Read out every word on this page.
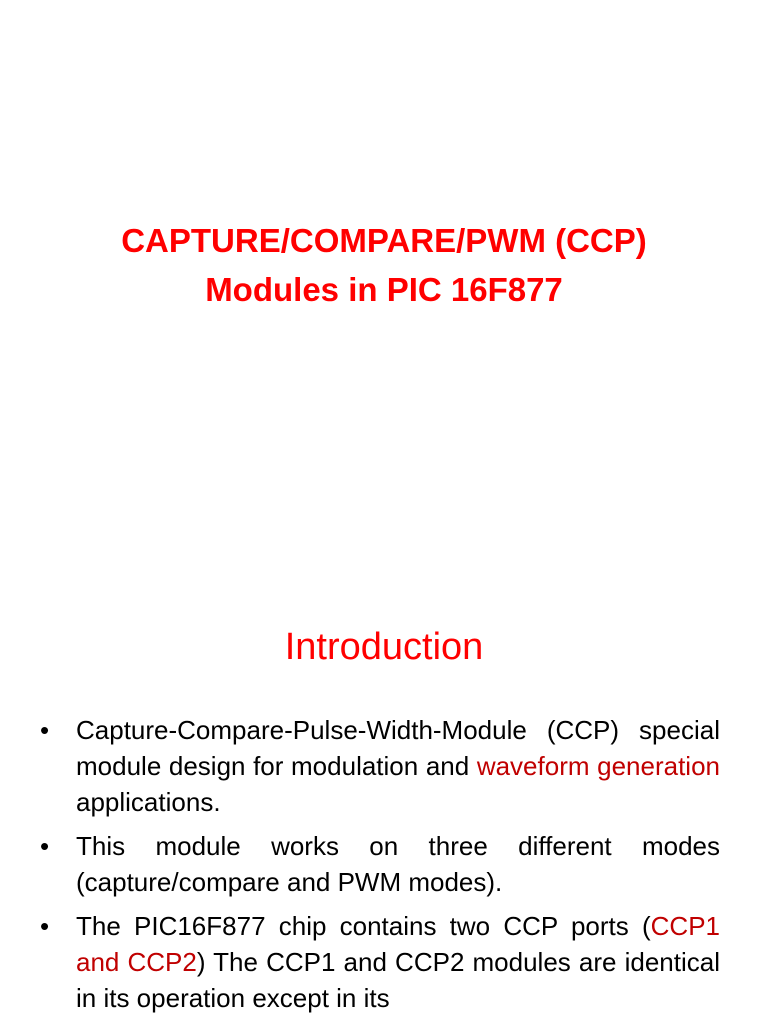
CAPTURE/COMPARE/PWM (CCP)
Modules in PIC 16F877
Introduction
• Capture-Compare-Pulse-Width-Module (CCP) special module design for modulation and waveform generation applications.
• This module works on three different modes (capture/compare and PWM modes).
• The PIC16F877 chip contains two CCP ports (CCP1 and CCP2) The CCP1 and CCP2 modules are identical in its operation except in its
